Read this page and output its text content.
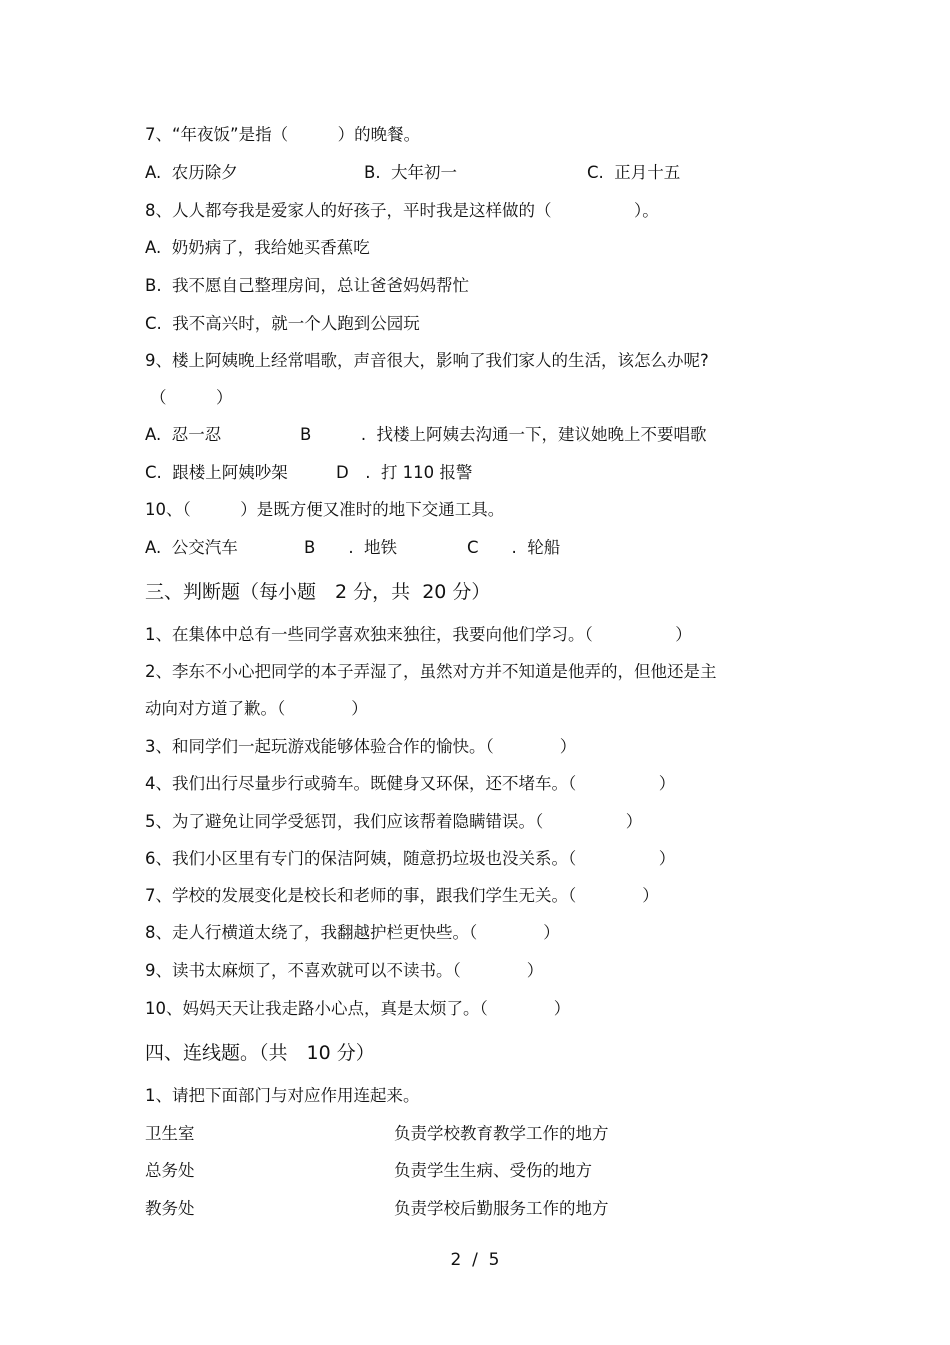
7、“年夜饭”是指（　　　）的晚餐。

A.  农历除夕	B.  大年初一	C.  正月十五

8、人人都夸我是爱家人的好孩子，平时我是这样做的（　　　　　）。

A.  奶奶病了，我给她买香蕉吃

B.  我不愿自己整理房间，总让爸爸妈妈帮忙

C.  我不高兴时，就一个人跑到公园玩

9、楼上阿姨晚上经常唱歌，声音很大，影响了我们家人的生活，该怎么办呢?

（　　　）

A.  忍一忍	B　　　.  找楼上阿姨去沟通一下，建议她晚上不要唱歌
C.  跟楼上阿姨吵架	D　.  打 110 报警

10、（　　　）是既方便又准时的地下交通工具。

A.  公交汽车	B　　.  地铁	C　　.  轮船
三、判断题（每小题　2 分，共  20 分）

1、在集体中总有一些同学喜欢独来独往，我要向他们学习。（　　　　　）

2、李东不小心把同学的本子弄湿了，虽然对方并不知道是他弄的，但他还是主

动向对方道了歉。（　　　　）

3、和同学们一起玩游戏能够体验合作的愉快。（　　　　）

4、我们出行尽量步行或骑车。既健身又环保，还不堵车。（　　　　　）

5、为了避免让同学受惩罚，我们应该帮着隐瞒错误。（　　　　　）

6、我们小区里有专门的保洁阿姨，随意扔垃圾也没关系。（　　　　　）

7、学校的发展变化是校长和老师的事，跟我们学生无关。（　　　　）

8、走人行横道太绕了，我翻越护栏更快些。（　　　　）

9、读书太麻烦了，不喜欢就可以不读书。（　　　　）

10、妈妈天天让我走路小心点，真是太烦了。（　　　　）

四、连线题。（共　10 分）

1、请把下面部门与对应作用连起来。

卫生室	负责学校教育教学工作的地方
总务处	负责学生生病、受伤的地方
教务处	负责学校后勤服务工作的地方
2  /  5
